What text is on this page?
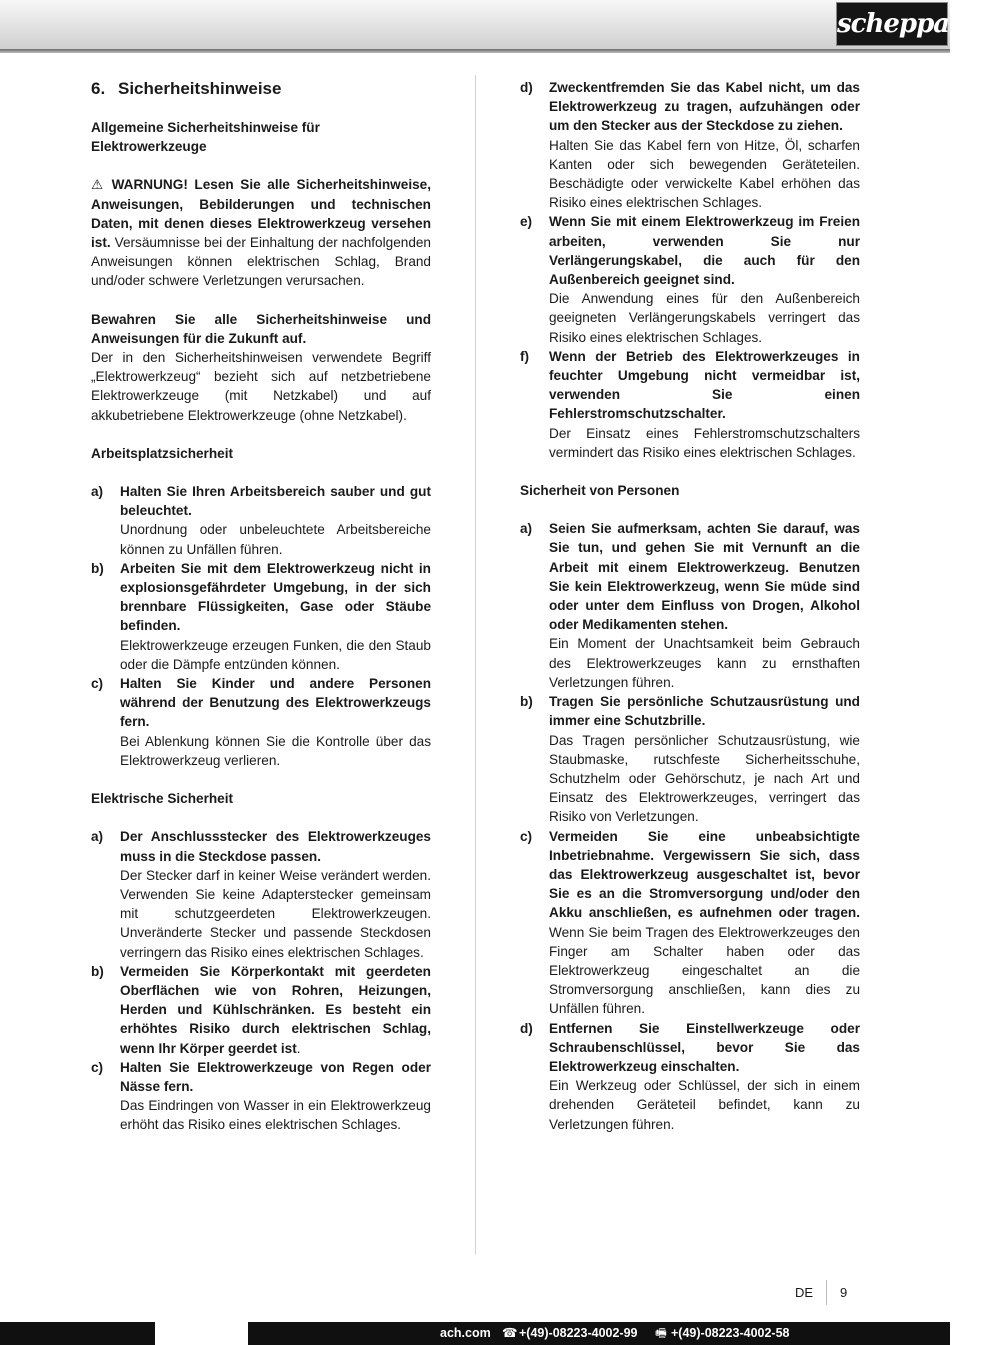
scheppach
6. Sicherheitshinweise
Allgemeine Sicherheitshinweise für Elektrowerkzeuge

⚠ WARNUNG! Lesen Sie alle Sicherheitshinweise, Anweisungen, Bebilderungen und technischen Daten, mit denen dieses Elektrowerkzeug versehen ist. Versäumnisse bei der Einhaltung der nachfolgenden Anweisungen können elektrischen Schlag, Brand und/oder schwere Verletzungen verursachen.

Bewahren Sie alle Sicherheitshinweise und Anweisungen für die Zukunft auf.
Der in den Sicherheitshinweisen verwendete Begriff „Elektrowerkzeug“ bezieht sich auf netzbetriebene Elektrowerkzeuge (mit Netzkabel) und auf akkubetriebene Elektrowerkzeuge (ohne Netzkabel).

Arbeitsplatzsicherheit
a) Halten Sie Ihren Arbeitsbereich sauber und gut beleuchtet.
Unordnung oder unbeleuchtete Arbeitsbereiche können zu Unfällen führen.
b) Arbeiten Sie mit dem Elektrowerkzeug nicht in explosionsgefährdeter Umgebung, in der sich brennbare Flüssigkeiten, Gase oder Stäube befinden.
Elektrowerkzeuge erzeugen Funken, die den Staub oder die Dämpfe entzünden können.
c) Halten Sie Kinder und andere Personen während der Benutzung des Elektrowerkzeugs fern.
Bei Ablenkung können Sie die Kontrolle über das Elektrowerkzeug verlieren.
Elektrische Sicherheit
a) Der Anschlussstecker des Elektrowerkzeuges muss in die Steckdose passen.
Der Stecker darf in keiner Weise verändert werden. Verwenden Sie keine Adapterstecker gemeinsam mit schutzgeerdeten Elektrowerkzeugen. Unveränderte Stecker und passende Steckdosen verringern das Risiko eines elektrischen Schlages.
b) Vermeiden Sie Körperkontakt mit geerdeten Oberflächen wie von Rohren, Heizungen, Herden und Kühlschränken. Es besteht ein erhöhtes Risiko durch elektrischen Schlag, wenn Ihr Körper geerdet ist.
c) Halten Sie Elektrowerkzeuge von Regen oder Nässe fern.
Das Eindringen von Wasser in ein Elektrowerkzeug erhöht das Risiko eines elektrischen Schlages.
d) Zweckentfremden Sie das Kabel nicht, um das Elektrowerkzeug zu tragen, aufzuhängen oder um den Stecker aus der Steckdose zu ziehen.
Halten Sie das Kabel fern von Hitze, Öl, scharfen Kanten oder sich bewegenden Geräteteilen. Beschädigte oder verwickelte Kabel erhöhen das Risiko eines elektrischen Schlages.
e) Wenn Sie mit einem Elektrowerkzeug im Freien arbeiten, verwenden Sie nur Verlängerungskabel, die auch für den Außenbereich geeignet sind.
Die Anwendung eines für den Außenbereich geeigneten Verlängerungskabels verringert das Risiko eines elektrischen Schlages.
f) Wenn der Betrieb des Elektrowerkzeuges in feuchter Umgebung nicht vermeidbar ist, verwenden Sie einen Fehlerstromschutzschalter.
Der Einsatz eines Fehlerstromschutzschalters vermindert das Risiko eines elektrischen Schlages.
Sicherheit von Personen
a) Seien Sie aufmerksam, achten Sie darauf, was Sie tun, und gehen Sie mit Vernunft an die Arbeit mit einem Elektrowerkzeug. Benutzen Sie kein Elektrowerkzeug, wenn Sie müde sind oder unter dem Einfluss von Drogen, Alkohol oder Medikamenten stehen.
Ein Moment der Unachtsamkeit beim Gebrauch des Elektrowerkzeuges kann zu ernsthaften Verletzungen führen.
b) Tragen Sie persönliche Schutzausrüstung und immer eine Schutzbrille.
Das Tragen persönlicher Schutzausrüstung, wie Staubmaske, rutschfeste Sicherheitsschuhe, Schutzhelm oder Gehörschutz, je nach Art und Einsatz des Elektrowerkzeuges, verringert das Risiko von Verletzungen.
c) Vermeiden Sie eine unbeabsichtigte Inbetriebnahme. Vergewissern Sie sich, dass das Elektrowerkzeug ausgeschaltet ist, bevor Sie es an die Stromversorgung und/oder den Akku anschließen, es aufnehmen oder tragen. Wenn Sie beim Tragen des Elektrowerkzeuges den Finger am Schalter haben oder das Elektrowerkzeug eingeschaltet an die Stromversorgung anschließen, kann dies zu Unfällen führen.
d) Entfernen Sie Einstellwerkzeuge oder Schraubenschlüssel, bevor Sie das Elektrowerkzeug einschalten.
Ein Werkzeug oder Schlüssel, der sich in einem drehenden Geräteteil befindet, kann zu Verletzungen führen.
DE 9
ach.com ☎ +(49)-08223-4002-99 🖷 +(49)-08223-4002-58
